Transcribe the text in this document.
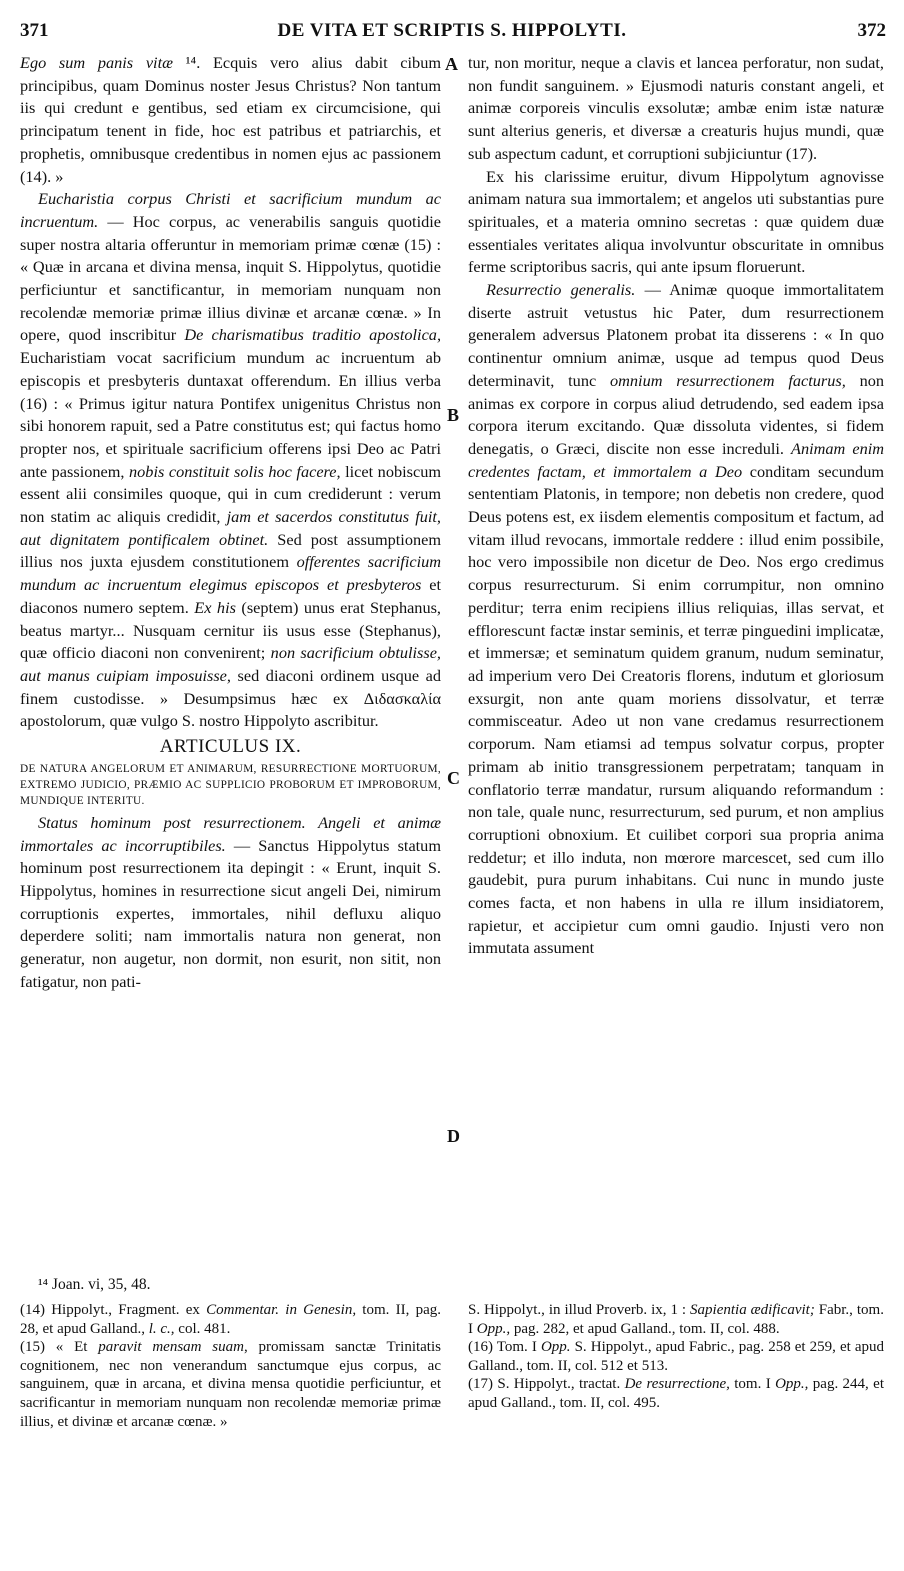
371	DE VITA ET SCRIPTIS S. HIPPOLYTI.	372

Ego sum panis vitæ ¹⁴. Ecquis vero alius dabit cibum principibus, quam Dominus noster Jesus Christus? Non tantum iis qui credunt e gentibus, sed etiam ex circumcisione, qui principatum tenent in fide, hoc est patribus et patriarchis, et prophetis, omnibusque credentibus in nomen ejus ac passionem (14). »

Eucharistia corpus Christi et sacrificium mundum ac incruentum. — Hoc corpus, ac venerabilis sanguis quotidie super nostra altaria offeruntur in memoriam primæ cœnæ (15) : « Quæ in arcana et divina mensa, inquit S. Hippolytus, quotidie perficiuntur et sanctificantur, in memoriam nunquam non recolendæ memoriæ primæ illius divinæ et arcanæ cœnæ. » In opere, quod inscribitur De charismatibus traditio apostolica, Eucharistiam vocat sacrificium mundum ac incruentum ab episcopis et presbyteris duntaxat offerendum. En illius verba (16) : « Primus igitur natura Pontifex unigenitus Christus non sibi honorem rapuit, sed a Patre constitutus est; qui factus homo propter nos, et spirituale sacrificium offerens ipsi Deo ac Patri ante passionem, nobis constituit solis hoc facere, licet nobiscum essent alii consimiles quoque, qui in cum crediderunt : verum non statim ac aliquis credidit, jam et sacerdos constitutus fuit, aut dignitatem pontificalem obtinet. Sed post assumptionem illius nos juxta ejusdem constitutionem offerentes sacrificium mundum ac incruentum elegimus episcopos et presbyteros et diaconos numero septem. Ex his (septem) unus erat Stephanus, beatus martyr... Nusquam cernitur iis usus esse (Stephanus), quæ officio diaconi non convenirent; non sacrificium obtulisse, aut manus cuipiam imposuisse, sed diaconi ordinem usque ad finem custodisse. » Desumpsimus hæc ex Διδασκαλία apostolorum, quæ vulgo S. nostro Hippolyto ascribitur.

ARTICULUS IX.
DE NATURA ANGELORUM ET ANIMARUM, RESURRECTIONE MORTUORUM, EXTREMO JUDICIO, PRÆMIO AC SUPPLICIO PROBORUM ET IMPROBORUM, MUNDIQUE INTERITU.

Status hominum post resurrectionem. Angeli et animæ immortales ac incorruptibiles. — Sanctus Hippolytus statum hominum post resurrectionem ita depingit : « Erunt, inquit S. Hippolytus, homines in resurrectione sicut angeli Dei, nimirum corruptionis expertes, immortales, nihil defluxu aliquo deperdere soliti; nam immortalis natura non generat, non generatur, non augetur, non dormit, non esurit, non sitit, non fatigatur, non pati-

tur, non moritur, neque a clavis et lancea perforatur, non sudat, non fundit sanguinem. » Ejusmodi naturis constant angeli, et animæ corporeis vinculis exsolutæ; ambæ enim istæ naturæ sunt alterius generis, et diversæ a creaturis hujus mundi, quæ sub aspectum cadunt, et corruptioni subjiciuntur (17).

Ex his clarissime eruitur, divum Hippolytum agnovisse animam natura sua immortalem; et angelos uti substantias pure spirituales, et a materia omnino secretas : quæ quidem duæ essentiales veritates aliqua involvuntur obscuritate in omnibus ferme scriptoribus sacris, qui ante ipsum floruerunt.

Resurrectio generalis. — Animæ quoque immortalitatem diserte astruit vetustus hic Pater, dum resurrectionem generalem adversus Platonem probat ita disserens : « In quo continentur omnium animæ, usque ad tempus quod Deus determinavit, tunc omnium resurrectionem facturus, non animas ex corpore in corpus aliud detrudendo, sed eadem ipsa corpora iterum excitando. Quæ dissoluta videntes, si fidem denegatis, o Græci, discite non esse increduli. Animam enim credentes factam, et immortalem a Deo conditam secundum sententiam Platonis, in tempore; non debetis non credere, quod Deus potens est, ex iisdem elementis compositum et factum, ad vitam illud revocans, immortale reddere : illud enim possibile, hoc vero impossibile non dicetur de Deo. Nos ergo credimus corpus resurrecturum. Si enim corrumpitur, non omnino perditur; terra enim recipiens illius reliquias, illas servat, et efflorescunt factæ instar seminis, et terræ pinguedini implicatæ, et immersæ; et seminatum quidem granum, nudum seminatur, ad imperium vero Dei Creatoris florens, indutum et gloriosum exsurgit, non ante quam moriens dissolvatur, et terræ commisceatur. Adeo ut non vane credamus resurrectionem corporum. Nam etiamsi ad tempus solvatur corpus, propter primam ab initio transgressionem perpetratam; tanquam in conflatorio terræ mandatur, rursum aliquando reformandum : non tale, quale nunc, resurrecturum, sed purum, et non amplius corruptioni obnoxium. Et cuilibet corpori sua propria anima reddetur; et illo induta, non mœrore marcescet, sed cum illo gaudebit, pura purum inhabitans. Cui nunc in mundo juste comes facta, et non habens in ulla re illum insidiatorem, rapietur, et accipietur cum omni gaudio. Injusti vero non immutata assument

A
B
C
D
¹⁴ Joan. vi, 35, 48.

(14) Hippolyt., Fragment. ex Commentar. in Genesin, tom. II, pag. 28, et apud Galland., l. c., col. 481.

(15) « Et paravit mensam suam, promissam sanctæ Trinitatis cognitionem, nec non venerandum sanctumque ejus corpus, ac sanguinem, quæ in arcana, et divina mensa quotidie perficiuntur, et sacrificantur in memoriam nunquam non recolendæ memoriæ primæ illius, et divinæ et arcanæ cœnæ. »

S. Hippolyt., in illud Proverb. ix, 1 : Sapientia ædificavit; Fabr., tom. I Opp., pag. 282, et apud Galland., tom. II, col. 488.

(16) Tom. I Opp. S. Hippolyt., apud Fabric., pag. 258 et 259, et apud Galland., tom. II, col. 512 et 513.

(17) S. Hippolyt., tractat. De resurrectione, tom. I Opp., pag. 244, et apud Galland., tom. II, col. 495.
